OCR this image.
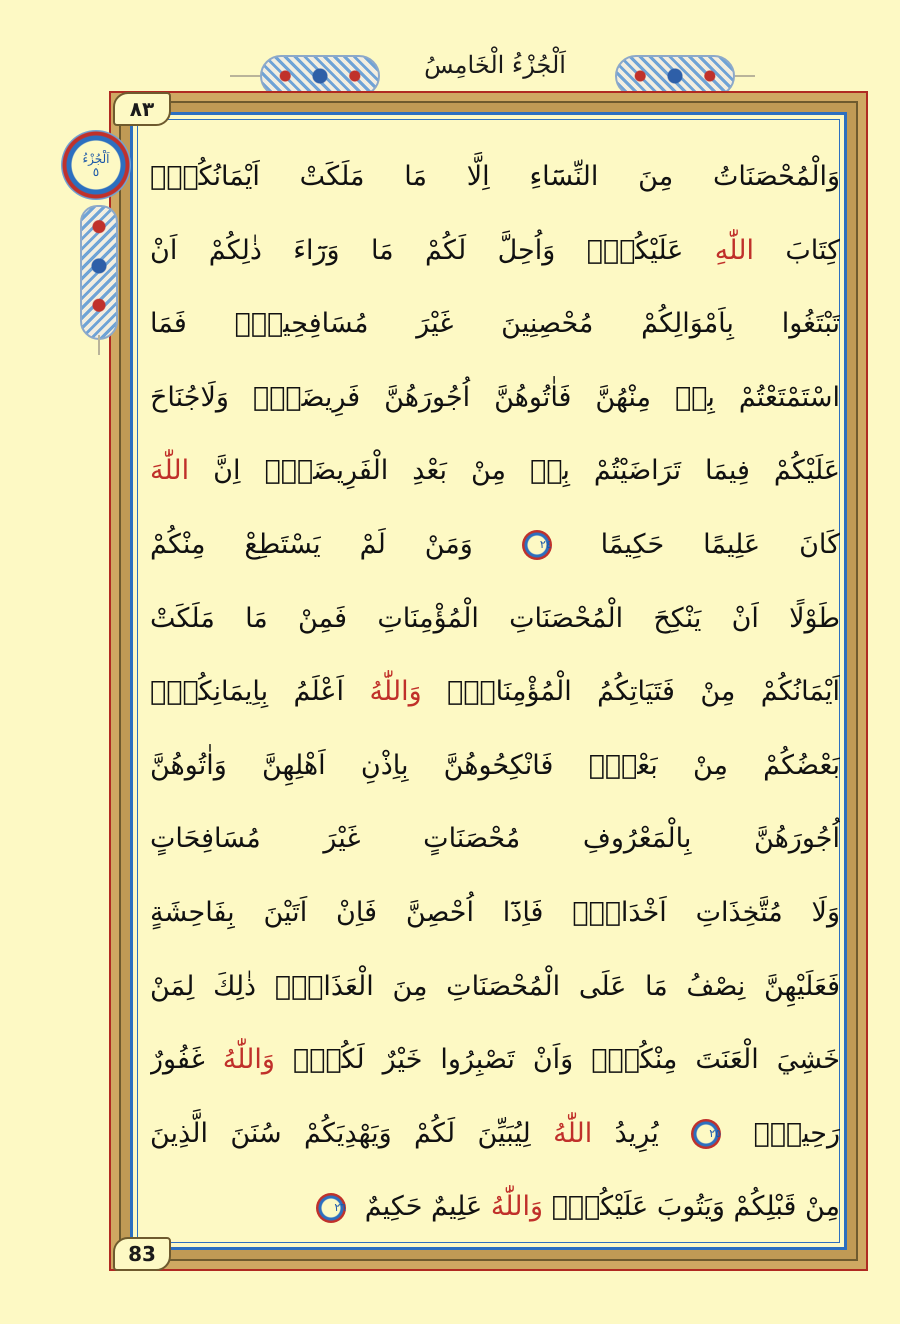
اَلْجُزْءُ الْخَامِسُ
٨٣
83
اَلْجُزْءُ
٥ وَالْمُحْصَنَاتُ مِنَ النِّسَٓاءِ اِلَّا مَا مَلَكَتْ اَيْمَانُكُمْۚ
كِتَابَ اللّٰهِ عَلَيْكُمْۚ وَاُحِلَّ لَكُمْ مَا وَرَٓاءَ ذٰلِكُمْ اَنْ
تَبْتَغُوا بِاَمْوَالِكُمْ مُحْصِنِينَ غَيْرَ مُسَافِحِينَۜ فَمَا
اسْتَمْتَعْتُمْ بِهٖ مِنْهُنَّ فَاٰتُوهُنَّ اُجُورَهُنَّ فَرِيضَةًۜ وَلَاجُنَاحَ
عَلَيْكُمْ فِيمَا تَرَاضَيْتُمْ بِهٖ مِنْ بَعْدِ الْفَرِيضَةِۜ اِنَّ اللّٰهَ
كَانَ عَلِيمًا حَكِيمًا ٢٤ وَمَنْ لَمْ يَسْتَطِعْ مِنْكُمْ
طَوْلًا اَنْ يَنْكِحَ الْمُحْصَنَاتِ الْمُؤْمِنَاتِ فَمِنْ مَا مَلَكَتْ
اَيْمَانُكُمْ مِنْ فَتَيَاتِكُمُ الْمُؤْمِنَاتِۜ وَاللّٰهُ اَعْلَمُ بِاِيمَانِكُمْۜ
بَعْضُكُمْ مِنْ بَعْضٍۚ فَانْكِحُوهُنَّ بِاِذْنِ اَهْلِهِنَّ وَاٰتُوهُنَّ
اُجُورَهُنَّ بِالْمَعْرُوفِ مُحْصَنَاتٍ غَيْرَ مُسَافِحَاتٍ
وَلَا مُتَّخِذَاتِ اَخْدَانٍۚ فَاِذَٓا اُحْصِنَّ فَاِنْ اَتَيْنَ بِفَاحِشَةٍ
فَعَلَيْهِنَّ نِصْفُ مَا عَلَى الْمُحْصَنَاتِ مِنَ الْعَذَابِۜ ذٰلِكَ لِمَنْ
خَشِيَ الْعَنَتَ مِنْكُمْۜ وَاَنْ تَصْبِرُوا خَيْرٌ لَكُمْۜ وَاللّٰهُ غَفُورٌ
رَحِيمٌ۟ ٢٥ يُرِيدُ اللّٰهُ لِيُبَيِّنَ لَكُمْ وَيَهْدِيَكُمْ سُنَنَ الَّذِينَ
مِنْ قَبْلِكُمْ وَيَتُوبَ عَلَيْكُمْۜ وَاللّٰهُ عَلِيمٌ حَكِيمٌ ٢٦
